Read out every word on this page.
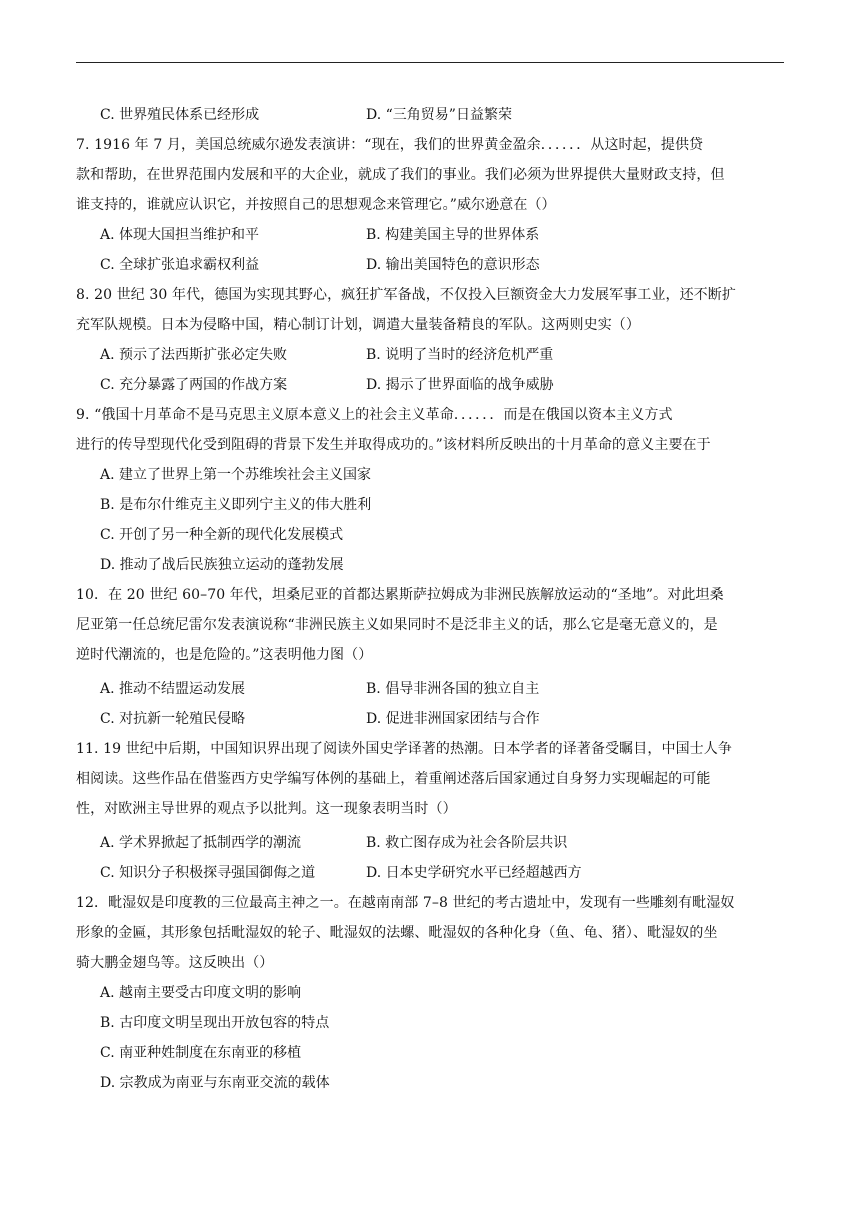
C. 世界殖民体系已经形成	D. “三角贸易”日益繁荣
7. 1916 年 7 月，美国总统威尔逊发表演讲：“现在，我们的世界黄金盈余．．．．．．从这时起，提供贷
款和帮助，在世界范围内发展和平的大企业，就成了我们的事业。我们必须为世界提供大量财政支持，但
谁支持的，谁就应认识它，并按照自己的思想观念来管理它。”威尔逊意在（）
A. 体现大国担当维护和平	B. 构建美国主导的世界体系
C. 全球扩张追求霸权利益	D. 输出美国特色的意识形态
8. 20 世纪 30 年代，德国为实现其野心，疯狂扩军备战，不仅投入巨额资金大力发展军事工业，还不断扩
充军队规模。日本为侵略中国，精心制订计划，调遣大量装备精良的军队。这两则史实（）
A. 预示了法西斯扩张必定失败	B. 说明了当时的经济危机严重
C. 充分暴露了两国的作战方案	D. 揭示了世界面临的战争威胁
9. “俄国十月革命不是马克思主义原本意义上的社会主义革命．．．．．．而是在俄国以资本主义方式
进行的传导型现代化受到阻碍的背景下发生并取得成功的。”该材料所反映出的十月革命的意义主要在于
A. 建立了世界上第一个苏维埃社会主义国家
B. 是布尔什维克主义即列宁主义的伟大胜利
C. 开创了另一种全新的现代化发展模式
D. 推动了战后民族独立运动的蓬勃发展
10．在 20 世纪 60–70 年代，坦桑尼亚的首都达累斯萨拉姆成为非洲民族解放运动的“圣地”。对此坦桑
尼亚第一任总统尼雷尔发表演说称“非洲民族主义如果同时不是泛非主义的话，那么它是毫无意义的，是
逆时代潮流的，也是危险的。”这表明他力图（）
A. 推动不结盟运动发展	B. 倡导非洲各国的独立自主
C. 对抗新一轮殖民侵略	D. 促进非洲国家团结与合作
11. 19 世纪中后期，中国知识界出现了阅读外国史学译著的热潮。日本学者的译著备受瞩目，中国士人争
相阅读。这些作品在借鉴西方史学编写体例的基础上，着重阐述落后国家通过自身努力实现崛起的可能
性，对欧洲主导世界的观点予以批判。这一现象表明当时（）
A. 学术界掀起了抵制西学的潮流	B. 救亡图存成为社会各阶层共识
C. 知识分子积极探寻强国御侮之道	D. 日本史学研究水平已经超越西方
12．毗湿奴是印度教的三位最高主神之一。在越南南部 7–8 世纪的考古遗址中，发现有一些雕刻有毗湿奴
形象的金匾，其形象包括毗湿奴的轮子、毗湿奴的法螺、毗湿奴的各种化身（鱼、龟、猪）、毗湿奴的坐
骑大鹏金翅鸟等。这反映出（）
A. 越南主要受古印度文明的影响
B. 古印度文明呈现出开放包容的特点
C. 南亚种姓制度在东南亚的移植
D. 宗教成为南亚与东南亚交流的载体
